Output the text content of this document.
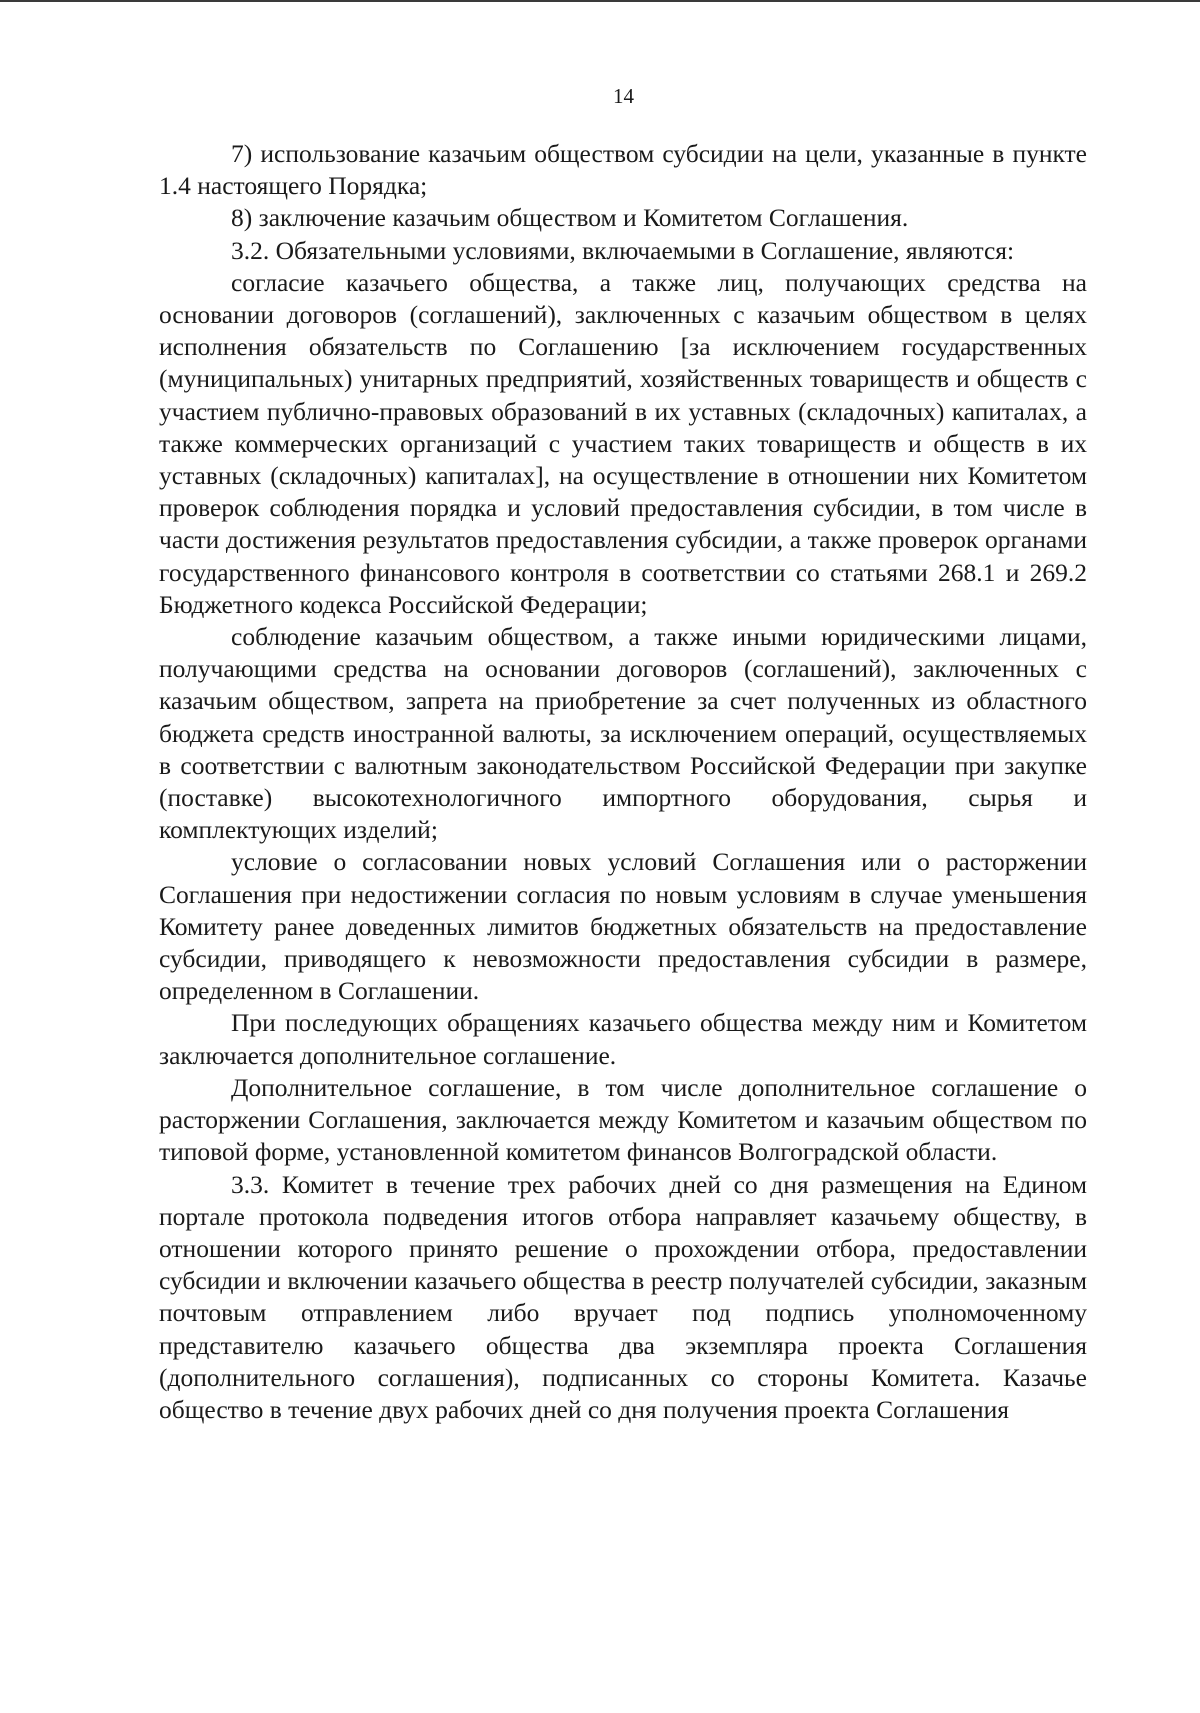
14

7) использование казачьим обществом субсидии на цели, указанные в пункте 1.4 настоящего Порядка;

8) заключение казачьим обществом и Комитетом Соглашения.

3.2. Обязательными условиями, включаемыми в Соглашение, являются:

согласие казачьего общества, а также лиц, получающих средства на основании договоров (соглашений), заключенных с казачьим обществом в целях исполнения обязательств по Соглашению [за исключением государственных (муниципальных) унитарных предприятий, хозяйственных товариществ и обществ с участием публично-правовых образований в их уставных (складочных) капиталах, а также коммерческих организаций с участием таких товариществ и обществ в их уставных (складочных) капиталах], на осуществление в отношении них Комитетом проверок соблюдения порядка и условий предоставления субсидии, в том числе в части достижения результатов предоставления субсидии, а также проверок органами государственного финансового контроля в соответствии со статьями 268.1 и 269.2 Бюджетного кодекса Российской Федерации;

соблюдение казачьим обществом, а также иными юридическими лицами, получающими средства на основании договоров (соглашений), заключенных с казачьим обществом, запрета на приобретение за счет полученных из областного бюджета средств иностранной валюты, за исключением операций, осуществляемых в соответствии с валютным законодательством Российской Федерации при закупке (поставке) высокотехнологичного импортного оборудования, сырья и комплектующих изделий;

условие о согласовании новых условий Соглашения или о расторжении Соглашения при недостижении согласия по новым условиям в случае уменьшения Комитету ранее доведенных лимитов бюджетных обязательств на предоставление субсидии, приводящего к невозможности предоставления субсидии в размере, определенном в Соглашении.

При последующих обращениях казачьего общества между ним и Комитетом заключается дополнительное соглашение.

Дополнительное соглашение, в том числе дополнительное соглашение о расторжении Соглашения, заключается между Комитетом и казачьим обществом по типовой форме, установленной комитетом финансов Волгоградской области.

3.3. Комитет в течение трех рабочих дней со дня размещения на Едином портале протокола подведения итогов отбора направляет казачьему обществу, в отношении которого принято решение о прохождении отбора, предоставлении субсидии и включении казачьего общества в реестр получателей субсидии, заказным почтовым отправлением либо вручает под подпись уполномоченному представителю казачьего общества два экземпляра проекта Соглашения (дополнительного соглашения), подписанных со стороны Комитета. Казачье общество в течение двух рабочих дней со дня получения проекта Соглашения
